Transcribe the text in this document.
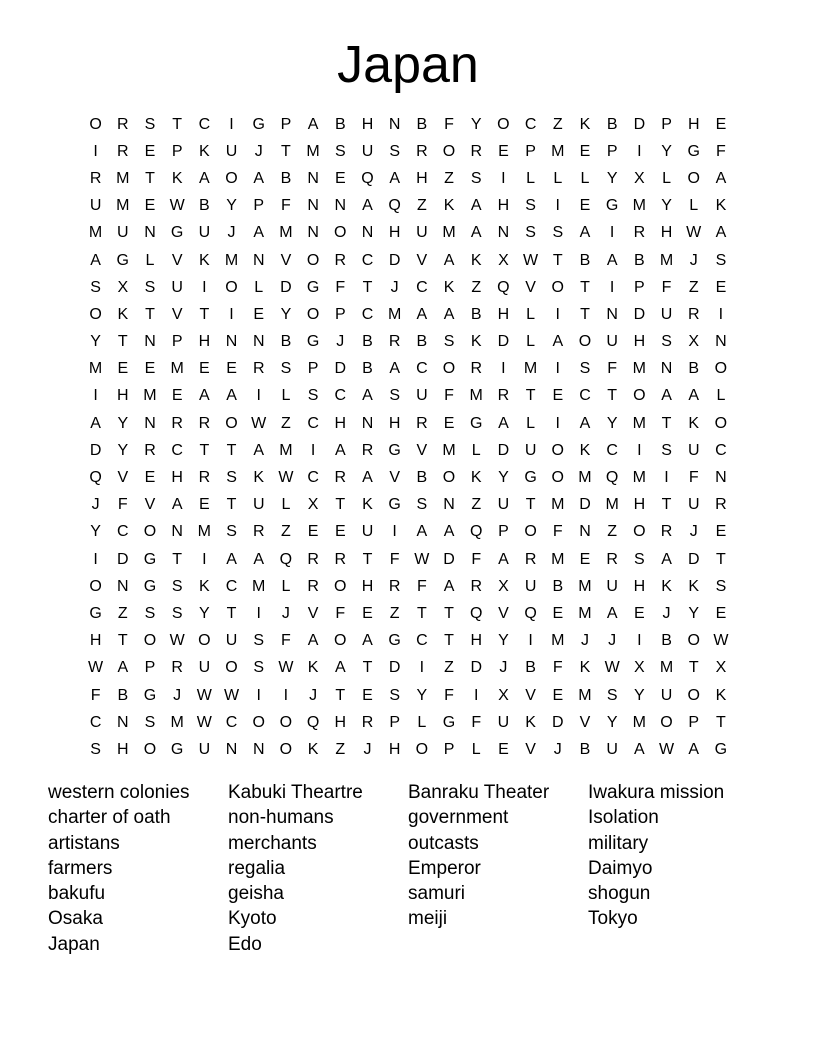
Japan
O R	S	T	C	I	G P	A	B	H N	B	F	Y O C	Z	K	B	D	P	H	E
I	R	E	P	K	U	J	T M S	U	S	R O R	E	P M E	P	I	Y G	F
R M T	K	A O A	B	N	E Q A	H	Z	S	I	L	L	L	Y	X	L	O A
U M E W B	Y	P	F	N N	A Q	Z	K	A	H	S	I	E G M Y	L	K
M U N G U	J	A M N O N H U M A	N	S	S	A	I	R H W A
A G	L	V	K M N	V O R C D	V	A	K	X W T	B	A	B M	J	S
S	X	S	U	I	O	L	D G	F	T	J	C	K	Z	Q V O	T	I	P	F	Z	E
O K	T	V	T	I	E	Y O P	C M A	A	B	H	L	I	T	N D U R	I
Y	T	N	P	H N N	B G	J	B	R	B	S	K	D	L	A O U H	S	X	N
M E	E M E	E	R	S	P	D	B	A	C O R	I	M	I	S	F M N	B O
I	H M E	A	A	I	L	S	C	A	S	U	F M R	T	E	C	T	O A	A	L
A	Y	N R R O W Z	C H N H R	E G A	L	I	A	Y M T	K O
D	Y	R C	T	T	A M	I	A	R G V M	L	D U O K	C	I	S	U C
Q V	E	H R	S	K W C R	A	V	B O K	Y G O M Q M	I	F	N
J	F	V	A	E	T	U	L	X	T	K G S	N	Z	U	T M D M H	T	U R
Y	C O N M S	R	Z	E	E	U	I	A	A Q P O	F	N	Z	O R	J	E
I	D G	T	I	A	A Q R R	T	F W D	F	A	R M E	R	S	A	D	T
O N G S	K	C M	L	R O H R	F	A	R	X	U	B M U H	K	K	S
G	Z	S	S	Y	T	I	J	V	F	E	Z	T	T	Q V Q E M A	E	J	Y	E
H	T	O W O U	S	F	A O A G C	T	H	Y	I	M	J	J	I	B O W
W A	P	R U O S W K	A	T	D	I	Z	D	J	B	F	K W X M T	X
F	B G	J W W	I	I	J	T	E	S	Y	F	I	X	V	E M S	Y	U O K
C N	S M W C O O Q H R	P	L	G	F	U	K	D	V	Y M O P	T
S	H O G U N N O K	Z	J	H O P	L	E	V	J	B	U	A W A G
western colonies
charter of oath
artistans
farmers
bakufu
Osaka
Japan
Kabuki Theartre
non-humans
merchants
regalia
geisha
Kyoto
Edo
Banraku Theater
government
outcasts
Emperor
samuri
meiji
Iwakura mission
Isolation
military
Daimyo
shogun
Tokyo
